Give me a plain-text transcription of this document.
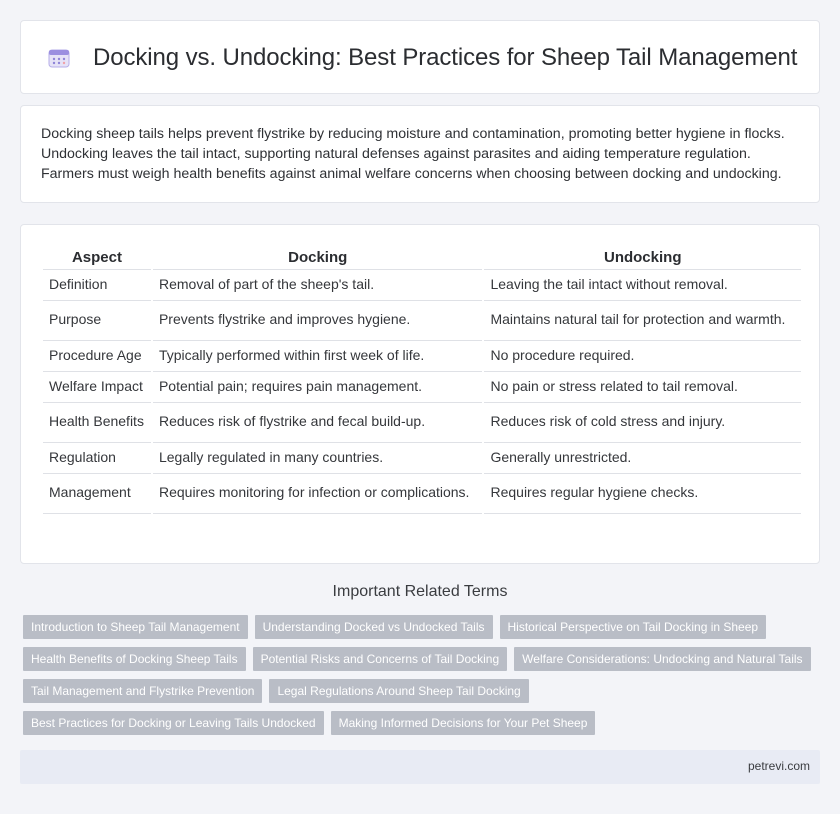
Docking vs. Undocking: Best Practices for Sheep Tail Management

Docking sheep tails helps prevent flystrike by reducing moisture and contamination, promoting better hygiene in flocks. Undocking leaves the tail intact, supporting natural defenses against parasites and aiding temperature regulation. Farmers must weigh health benefits against animal welfare concerns when choosing between docking and undocking.

Aspect	Docking	Undocking
Definition	Removal of part of the sheep's tail.	Leaving the tail intact without removal.
Purpose	Prevents flystrike and improves hygiene.	Maintains natural tail for protection and warmth.
Procedure Age	Typically performed within first week of life.	No procedure required.
Welfare Impact	Potential pain; requires pain management.	No pain or stress related to tail removal.
Health Benefits	Reduces risk of flystrike and fecal build-up.	Reduces risk of cold stress and injury.
Regulation	Legally regulated in many countries.	Generally unrestricted.
Management	Requires monitoring for infection or complications.	Requires regular hygiene checks.
Important Related Terms
Introduction to Sheep Tail Management	Understanding Docked vs Undocked Tails	Historical Perspective on Tail Docking in Sheep
Health Benefits of Docking Sheep Tails	Potential Risks and Concerns of Tail Docking	Welfare Considerations: Undocking and Natural Tails
Tail Management and Flystrike Prevention	Legal Regulations Around Sheep Tail Docking
Best Practices for Docking or Leaving Tails Undocked	Making Informed Decisions for Your Pet Sheep
petrevi.com
